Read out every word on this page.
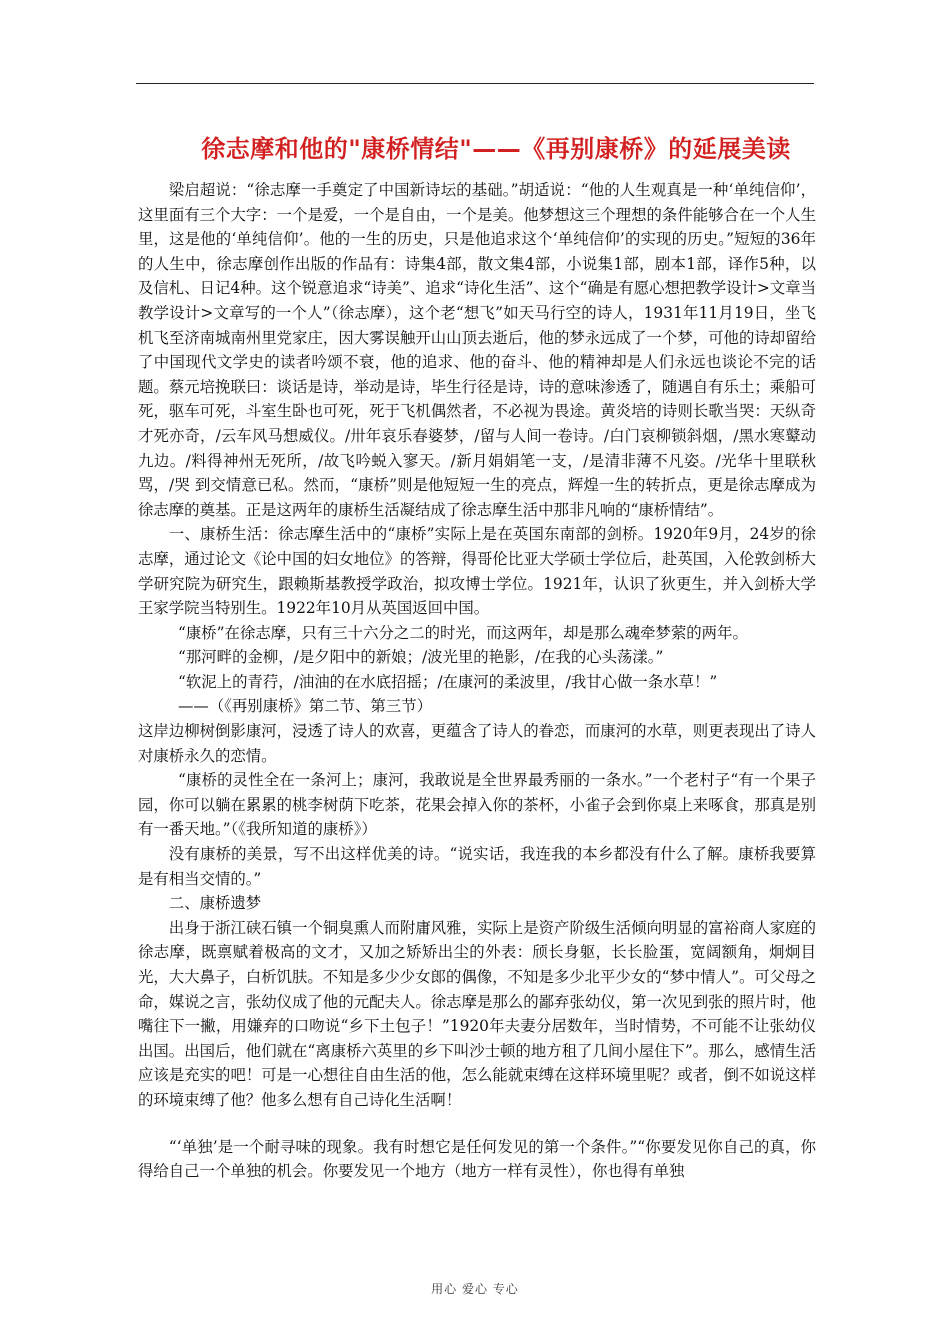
徐志摩和他的"康桥情结"——《再别康桥》的延展美读

梁启超说：“徐志摩一手奠定了中国新诗坛的基础。”胡适说：“他的人生观真是一种‘单纯信仰’，这里面有三个大字：一个是爱，一个是自由，一个是美。他梦想这三个理想的条件能够合在一个人生里，这是他的‘单纯信仰’。他的一生的历史，只是他追求这个‘单纯信仰’的实现的历史。”短短的36年的人生中，徐志摩创作出版的作品有：诗集4部，散文集4部，小说集1部，剧本1部，译作5种，以及信札、日记4种。这个锐意追求“诗美”、追求“诗化生活”、这个“确是有愿心想把教学设计>文章当教学设计>文章写的一个人”（徐志摩），这个老“想飞”如天马行空的诗人，1931年11月19日，坐飞机飞至济南城南州里党家庄，因大雾误触开山山顶去逝后，他的梦永远成了一个梦，可他的诗却留给了中国现代文学史的读者吟颂不衰，他的追求、他的奋斗、他的精神却是人们永远也谈论不完的话题。蔡元培挽联曰：谈话是诗，举动是诗，毕生行径是诗，诗的意味渗透了，随遇自有乐土；乘船可死，驱车可死，斗室生卧也可死，死于飞机偶然者，不必视为畏途。黄炎培的诗则长歌当哭：天纵奇才死亦奇，/云车风马想威仪。/卅年哀乐春婆梦，/留与人间一卷诗。/白门哀柳锁斜烟，/黑水寒鼙动九边。/料得神州无死所，/故飞吟蜕入寥天。/新月娟娟笔一支，/是清非薄不凡姿。/光华十里联秋骂，/哭 到交情意已私。然而，“康桥”则是他短短一生的亮点，辉煌一生的转折点，更是徐志摩成为徐志摩的奠基。正是这两年的康桥生活凝结成了徐志摩生活中那非凡响的“康桥情结”。

一、康桥生活：徐志摩生活中的“康桥”实际上是在英国东南部的剑桥。1920年9月，24岁的徐志摩，通过论文《论中国的妇女地位》的答辩，得哥伦比亚大学硕士学位后，赴英国，入伦敦剑桥大学研究院为研究生，跟赖斯基教授学政治，拟攻博士学位。1921年，认识了狄更生，并入剑桥大学王家学院当特别生。1922年10月从英国返回中国。

“康桥”在徐志摩，只有三十六分之二的时光，而这两年，却是那么魂牵梦萦的两年。

“那河畔的金柳，/是夕阳中的新娘；/波光里的艳影，/在我的心头荡漾。”

“软泥上的青荇，/油油的在水底招摇；/在康河的柔波里，/我甘心做一条水草！”

——（《再别康桥》第二节、第三节）

这岸边柳树倒影康河，浸透了诗人的欢喜，更蕴含了诗人的眷恋，而康河的水草，则更表现出了诗人对康桥永久的恋情。

“康桥的灵性全在一条河上；康河，我敢说是全世界最秀丽的一条水。”一个老村子“有一个果子园，你可以躺在累累的桃李树荫下吃茶，花果会掉入你的茶杯，小雀子会到你桌上来啄食，那真是别有一番天地。”（《我所知道的康桥》）

没有康桥的美景，写不出这样优美的诗。“说实话，我连我的本乡都没有什么了解。康桥我要算是有相当交情的。”

二、康桥遗梦

出身于浙江硖石镇一个铜臭熏人而附庸风雅，实际上是资产阶级生活倾向明显的富裕商人家庭的徐志摩，既禀赋着极高的文才，又加之矫矫出尘的外表：颀长身躯，长长脸蛋，宽阔额角，炯炯目光，大大鼻子，白析饥肤。不知是多少少女郎的偶像，不知是多少北平少女的“梦中情人”。可父母之命，媒说之言，张幼仪成了他的元配夫人。徐志摩是那么的鄙弃张幼仪，第一次见到张的照片时，他嘴往下一撇，用嫌弃的口吻说“乡下土包子！”1920年夫妻分居数年，当时情势，不可能不让张幼仪出国。出国后，他们就在“离康桥六英里的乡下叫沙士顿的地方租了几间小屋住下”。那么，感情生活应该是充实的吧！可是一心想往自由生活的他，怎么能就束缚在这样环境里呢？或者，倒不如说这样的环境束缚了他？他多么想有自己诗化生活啊！

“‘单独’是一个耐寻味的现象。我有时想它是任何发见的第一个条件。”“你要发见你自己的真，你得给自己一个单独的机会。你要发见一个地方（地方一样有灵性），你也得有单独

用心 爱心 专心
